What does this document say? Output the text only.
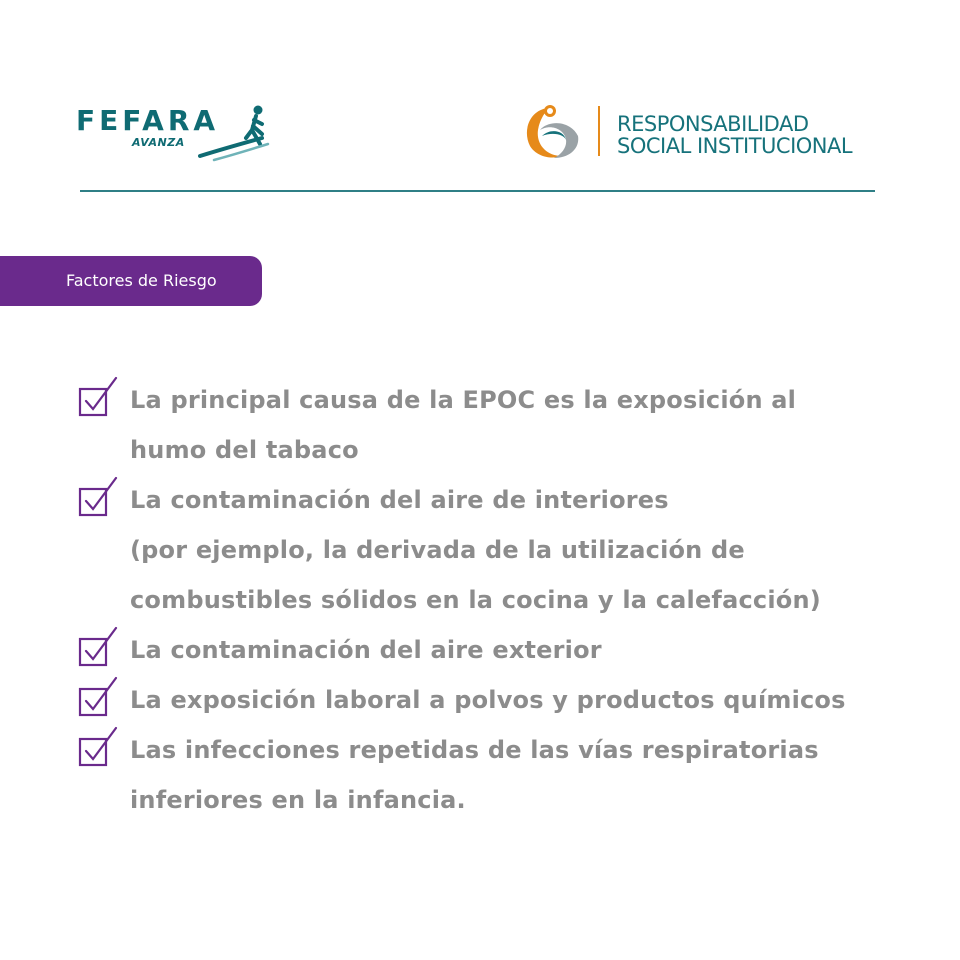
FEFARA
AVANZA
RESPONSABILIDAD
SOCIAL INSTITUCIONAL
Factores de Riesgo
La principal causa de la EPOC es la exposición al
humo del tabaco
La contaminación del aire de interiores
(por ejemplo, la derivada de la utilización de
combustibles sólidos en la cocina y la calefacción)
La contaminación del aire exterior
La exposición laboral a polvos y productos químicos
Las infecciones repetidas de las vías respiratorias
inferiores en la infancia.
